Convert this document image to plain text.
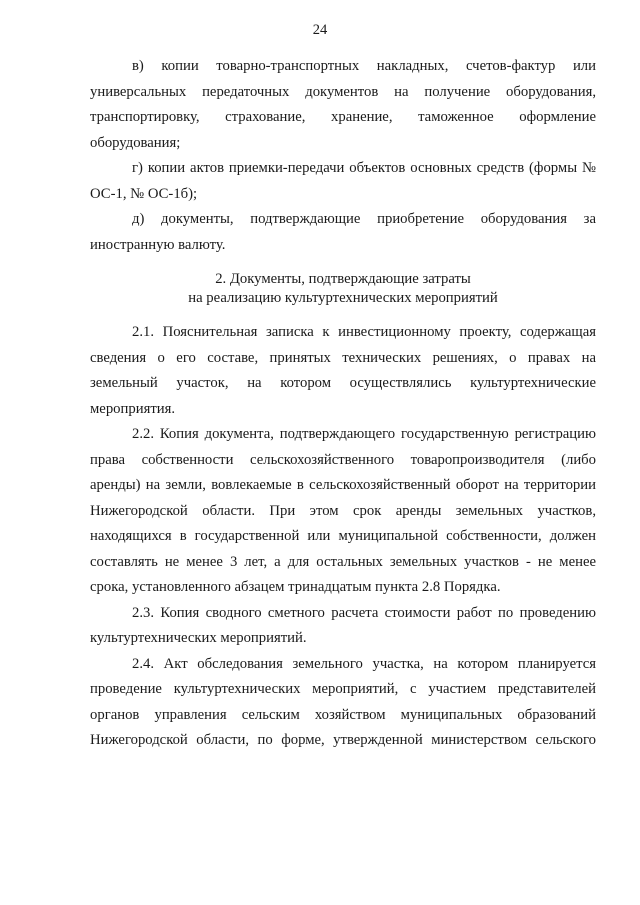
24

в) копии товарно-транспортных накладных, счетов-фактур или универсальных передаточных документов на получение оборудования, транспортировку, страхование, хранение, таможенное оформление оборудования;

г) копии актов приемки-передачи объектов основных средств (формы № ОС-1, № ОС-1б);

д) документы, подтверждающие приобретение оборудования за иностранную валюту.

2. Документы, подтверждающие затраты

на реализацию культуртехнических мероприятий

2.1. Пояснительная записка к инвестиционному проекту, содержащая сведения о его составе, принятых технических решениях, о правах на земельный участок, на котором осуществлялись культуртехнические мероприятия.

2.2. Копия документа, подтверждающего государственную регистрацию права собственности сельскохозяйственного товаропроизводителя (либо аренды) на земли, вовлекаемые в сельскохозяйственный оборот на территории Нижегородской области. При этом срок аренды земельных участков, находящихся в государственной или муниципальной собственности, должен составлять не менее 3 лет, а для остальных земельных участков - не менее срока, установленного абзацем тринадцатым пункта 2.8 Порядка.

2.3. Копия сводного сметного расчета стоимости работ по проведению культуртехнических мероприятий.

2.4. Акт обследования земельного участка, на котором планируется проведение культуртехнических мероприятий, с участием представителей органов управления сельским хозяйством муниципальных образований Нижегородской области, по форме, утвержденной министерством сельского
